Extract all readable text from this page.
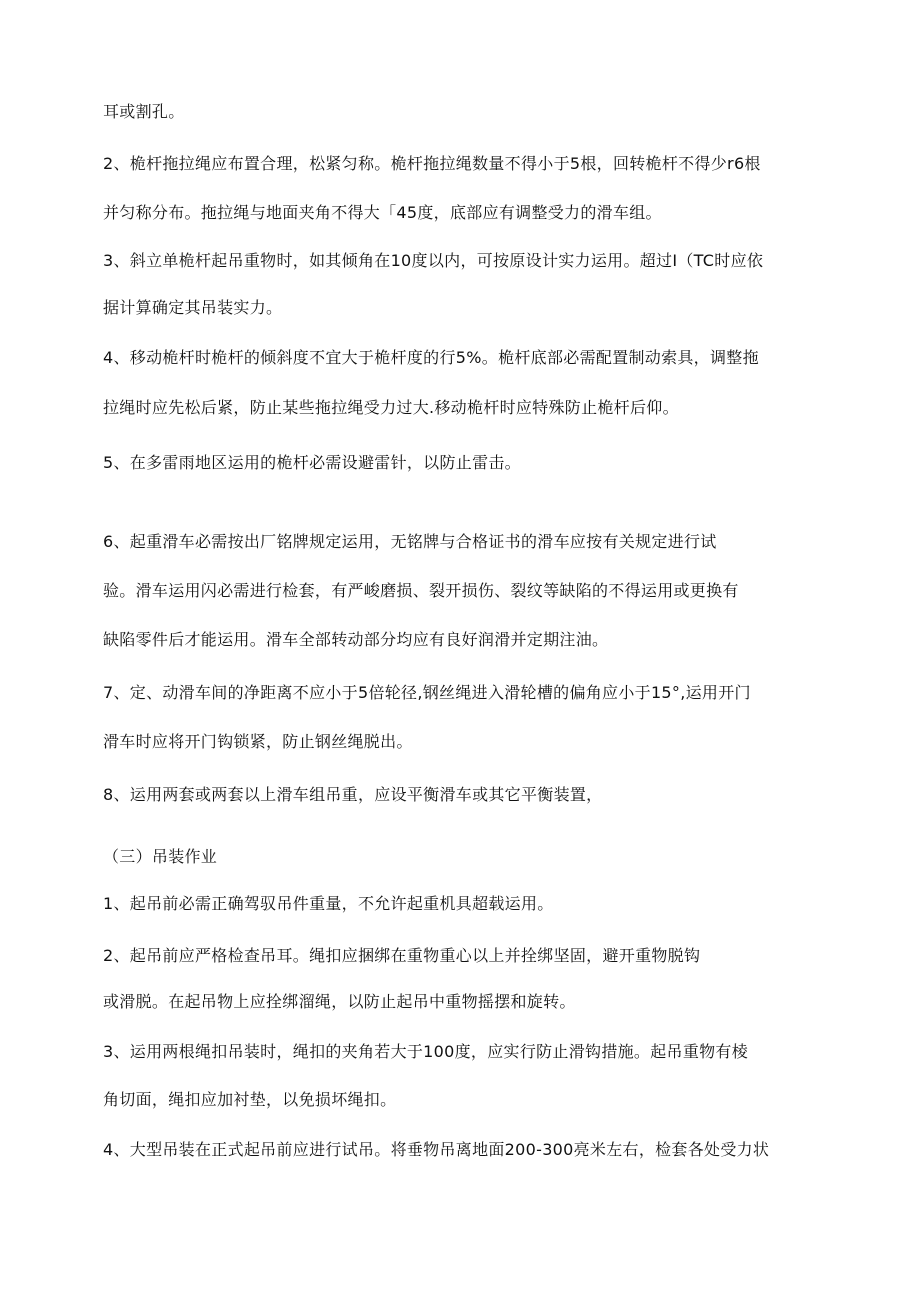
耳或割孔。
2、桅杆拖拉绳应布置合理，松紧匀称。桅杆拖拉绳数量不得小于5根，回转桅杆不得少r6根
并匀称分布。拖拉绳与地面夹角不得大「45度，底部应有调整受力的滑车组。
3、斜立单桅杆起吊重物时，如其倾角在10度以内，可按原设计实力运用。超过I（TC时应依
据计算确定其吊装实力。
4、移动桅杆时桅杆的倾斜度不宜大于桅杆度的行5%。桅杆底部必需配置制动索具，调整拖
拉绳时应先松后紧，防止某些拖拉绳受力过大.移动桅杆时应特殊防止桅杆后仰。
5、在多雷雨地区运用的桅杆必需设避雷针，以防止雷击。
6、起重滑车必需按出厂铭牌规定运用，无铭牌与合格证书的滑车应按有关规定进行试
验。滑车运用闪必需进行检套，有严峻磨损、裂开损伤、裂纹等缺陷的不得运用或更换有
缺陷零件后才能运用。滑车全部转动部分均应有良好润滑并定期注油。
7、定、动滑车间的净距离不应小于5倍轮径,钢丝绳进入滑轮槽的偏角应小于15°,运用开门
滑车时应将开门钩锁紧，防止钢丝绳脱出。
8、运用两套或两套以上滑车组吊重，应设平衡滑车或其它平衡装置，
（三）吊装作业
1、起吊前必需正确驾驭吊件重量，不允许起重机具超载运用。
2、起吊前应严格检查吊耳。绳扣应捆绑在重物重心以上并拴绑坚固，避开重物脱钩
或滑脱。在起吊物上应拴绑溜绳，以防止起吊中重物摇摆和旋转。
3、运用两根绳扣吊装时，绳扣的夹角若大于100度，应实行防止滑钩措施。起吊重物有棱
角切面，绳扣应加衬垫，以免损坏绳扣。
4、大型吊装在正式起吊前应进行试吊。将垂物吊离地面200-300亮米左右，检套各处受力状
